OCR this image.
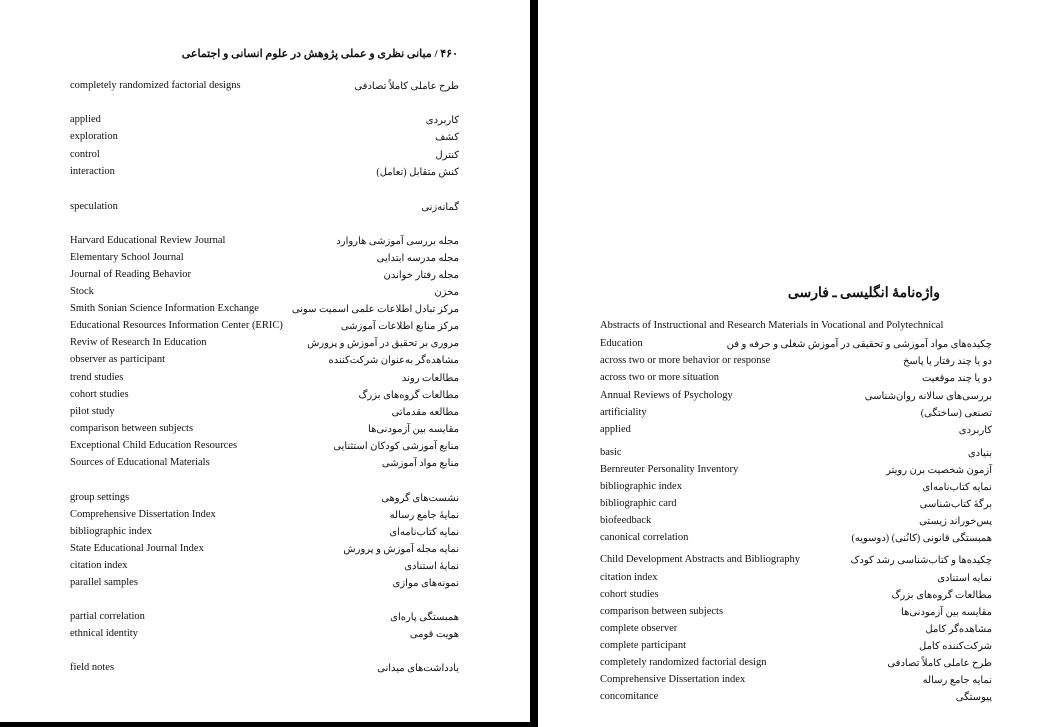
۴۶۰ / مبانی نظری و عملی پژوهش در علوم انسانی و اجتماعی
completely randomized factorial designs	طرح عاملی کاملاً تصادفی
applied	کاربردی
exploration	کشف
control	کنترل
interaction	کنش متقابل (تعامل)
speculation	گمانه‌زنی
Harvard Educational Review Journal	مجله بررسی آموزشی هاروارد
Elementary School Journal	مجله مدرسه ابتدایی
Journal of Reading Behavior	مجله رفتار خواندن
Stock	مخزن
Smith Sonian Science Information Exchange	مرکز تبادل اطلاعات علمی اسمیت سونی
Educational Resources Information Center (ERIC)	مرکز منابع اطلاعات آموزشی
Reviw of Research In Education	مروری بر تحقیق در آموزش و پرورش
observer as participant	مشاهده‌گر به‌عنوان شرکت‌کننده
trend studies	مطالعات روند
cohort studies	مطالعات گروه‌های بزرگ
pilot study	مطالعه مقدماتی
comparison between subjects	مقایسه بین آزمودنی‌ها
Exceptional Child Education Resources	منابع آموزشی کودکان استثنایی
Sources of Educational Materials	منابع مواد آموزشی
group settings	نشست‌های گروهی
Comprehensive Dissertation Index	نمایهٔ جامع رساله
bibliographic index	نمایه کتاب‌نامه‌ای
State Educational Journal Index	نمایه مجله آموزش و پرورش
citation index	نمایهٔ استنادی
parallel samples	نمونه‌های موازی
partial correlation	همبستگی پاره‌ای
ethnical identity	هویت قومی
field notes	یادداشت‌های میدانی
واژه‌نامهٔ انگلیسی ـ فارسی
Abstracts of Instructional and Research Materials in Vocational and Polytechnical
Education	چکیده‌های مواد آموزشی و تحقیقی در آموزش شغلی و حرفه و فن
across two or more behavior or response	دو یا چند رفتار یا پاسخ
across two or more situation	دو یا چند موقعیت
Annual Reviews of Psychology	بررسی‌های سالانه روان‌شناسی
artificiality	تصنعی (ساختگی)
applied	کاربردی
basic	بنیادی
Bernreuter Personality Inventory	آزمون شخصیت برن رویتر
bibliographic index	نمایه کتاب‌نامه‌ای
bibliographic card	برگهٔ کتاب‌شناسی
biofeedback	پس‌خوراند زیستی
canonical correlation	همبستگی قانونی (کانُنی) (دوسویه)
Child Development Abstracts and Bibliography	چکیده‌ها و کتاب‌شناسی رشد کودک
citation index	نمایه استنادی
cohort studies	مطالعات گروه‌های بزرگ
comparison between subjects	مقایسه بین آزمودنی‌ها
complete observer	مشاهده‌گر کامل
complete participant	شرکت‌کننده کامل
completely randomized factorial design	طرح عاملی کاملاً تصادفی
Comprehensive Dissertation index	نمایه جامع رساله
concomitance	پیوستگی
